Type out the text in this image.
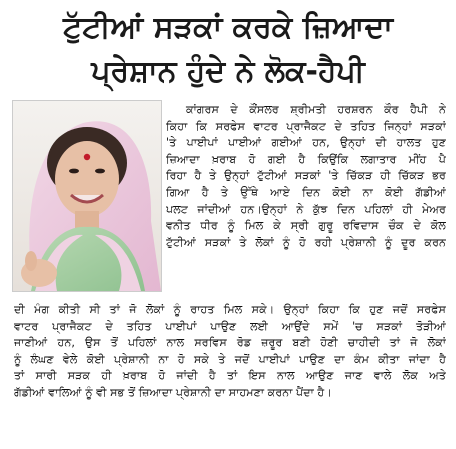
ਟੁੱਟੀਆਂ ਸੜਕਾਂ ਕਰਕੇ ਜ਼ਿਆਦਾ
ਪ੍ਰੇਸ਼ਾਨ ਹੁੰਦੇ ਨੇ ਲੋਕ-ਹੈਪੀ
ਕਾਂਗਰਸ ਦੇ ਕੌਂਸਲਰ ਸ਼੍ਰੀਮਤੀ ਹਰਸ਼ਰਨ ਕੌਰ ਹੈਪੀ ਨੇ
ਕਿਹਾ ਕਿ ਸਰਫੇਸ ਵਾਟਰ ਪ੍ਰਾਜੈਕਟ ਦੇ ਤਹਿਤ ਜਿਨ੍ਹਾਂ ਸੜਕਾਂ
'ਤੇ ਪਾਈਪਾਂ ਪਾਈਆਂ ਗਈਆਂ ਹਨ, ਉਨ੍ਹਾਂ ਦੀ ਹਾਲਤ ਹੁਣ
ਜ਼ਿਆਦਾ ਖ਼ਰਾਬ ਹੋ ਗਈ ਹੈ ਕਿਉਂਕਿ ਲਗਾਤਾਰ ਮੀਂਹ ਪੈ
ਰਿਹਾ ਹੈ ਤੇ ਉਨ੍ਹਾਂ ਟੁੱਟੀਆਂ ਸੜਕਾਂ 'ਤੇ ਚਿੱਕੜ ਹੀ ਚਿੱਕੜ ਭਰ
ਗਿਆ ਹੈ ਤੇ ਉੱਥੇ ਆਏ ਦਿਨ ਕੋਈ ਨਾ ਕੋਈ ਗੱਡੀਆਂ
ਪਲਟ ਜਾਂਦੀਆਂ ਹਨ।ਉਨ੍ਹਾਂ ਨੇ ਕੁੱਝ ਦਿਨ ਪਹਿਲਾਂ ਹੀ ਮੇਅਰ
ਵਨੀਤ ਧੀਰ ਨੂੰ ਮਿਲ ਕੇ ਸ੍ਰੀ ਗੁਰੂ ਰਵਿਦਾਸ ਚੌਕ ਦੇ ਕੋਲ
ਟੁੱਟੀਆਂ ਸੜਕਾਂ ਤੇ ਲੋਕਾਂ ਨੂੰ ਹੋ ਰਹੀ ਪ੍ਰੇਸ਼ਾਨੀ ਨੂੰ ਦੂਰ ਕਰਨ
ਦੀ ਮੰਗ ਕੀਤੀ ਸੀ ਤਾਂ ਜੋ ਲੋਕਾਂ ਨੂੰ ਰਾਹਤ ਮਿਲ ਸਕੇ। ਉਨ੍ਹਾਂ ਕਿਹਾ ਕਿ ਹੁਣ ਜਦੋਂ ਸਰਫੇਸ
ਵਾਟਰ ਪ੍ਰਾਜੈਕਟ ਦੇ ਤਹਿਤ ਪਾਈਪਾਂ ਪਾਉਣ ਲਈ ਆਉਂਦੇ ਸਮੇਂ 'ਚ ਸੜਕਾਂ ਤੋੜੀਆਂ
ਜਾਣੀਆਂ ਹਨ, ਉਸ ਤੋਂ ਪਹਿਲਾਂ ਨਾਲ ਸਰਵਿਸ ਰੋਡ ਜ਼ਰੂਰ ਬਣੀ ਹੋਣੀ ਚਾਹੀਦੀ ਤਾਂ ਜੋ ਲੋਕਾਂ
ਨੂੰ ਲੰਘਣ ਵੇਲੇ ਕੋਈ ਪ੍ਰੇਸ਼ਾਨੀ ਨਾ ਹੋ ਸਕੇ ਤੇ ਜਦੋਂ ਪਾਈਪਾਂ ਪਾਉਣ ਦਾ ਕੰਮ ਕੀਤਾ ਜਾਂਦਾ ਹੈ
ਤਾਂ ਸਾਰੀ ਸੜਕ ਹੀ ਖ਼ਰਾਬ ਹੋ ਜਾਂਦੀ ਹੈ ਤਾਂ ਇਸ ਨਾਲ ਆਉਣ ਜਾਣ ਵਾਲੇ ਲੋਕ ਅਤੇ
ਗੱਡੀਆਂ ਵਾਲਿਆਂ ਨੂੰ ਵੀ ਸਭ ਤੋਂ ਜ਼ਿਆਦਾ ਪ੍ਰੇਸ਼ਾਨੀ ਦਾ ਸਾਹਮਣਾ ਕਰਨਾ ਪੈਂਦਾ ਹੈ।
